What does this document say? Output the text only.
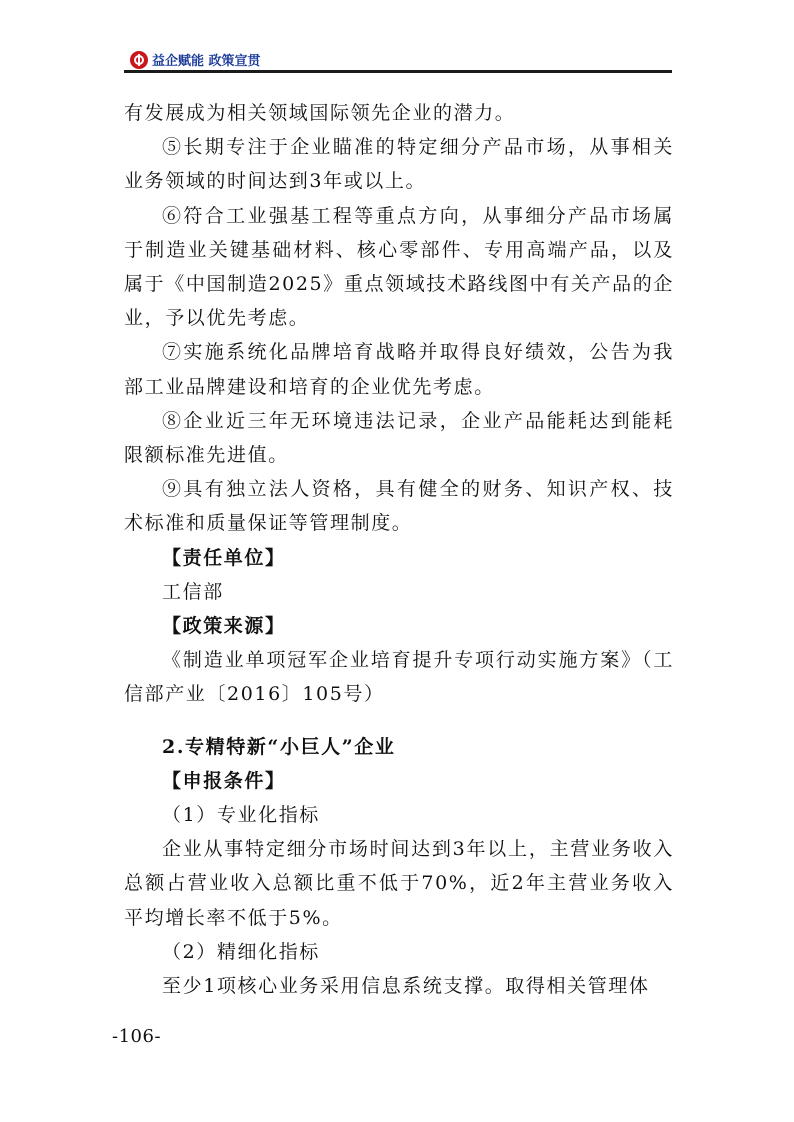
益企赋能 政策宣贯

有发展成为相关领域国际领先企业的潜力。

⑤长期专注于企业瞄准的特定细分产品市场，从事相关业务领域的时间达到3年或以上。

⑥符合工业强基工程等重点方向，从事细分产品市场属于制造业关键基础材料、核心零部件、专用高端产品，以及属于《中国制造2025》重点领域技术路线图中有关产品的企业，予以优先考虑。

⑦实施系统化品牌培育战略并取得良好绩效，公告为我部工业品牌建设和培育的企业优先考虑。

⑧企业近三年无环境违法记录，企业产品能耗达到能耗限额标准先进值。

⑨具有独立法人资格，具有健全的财务、知识产权、技术标准和质量保证等管理制度。

【责任单位】

工信部

【政策来源】

《制造业单项冠军企业培育提升专项行动实施方案》（工信部产业〔2016〕105号）

2.专精特新“小巨人”企业

【申报条件】

（1）专业化指标

企业从事特定细分市场时间达到3年以上，主营业务收入总额占营业收入总额比重不低于70%，近2年主营业务收入平均增长率不低于5%。

（2）精细化指标

至少1项核心业务采用信息系统支撑。取得相关管理体

-106-
